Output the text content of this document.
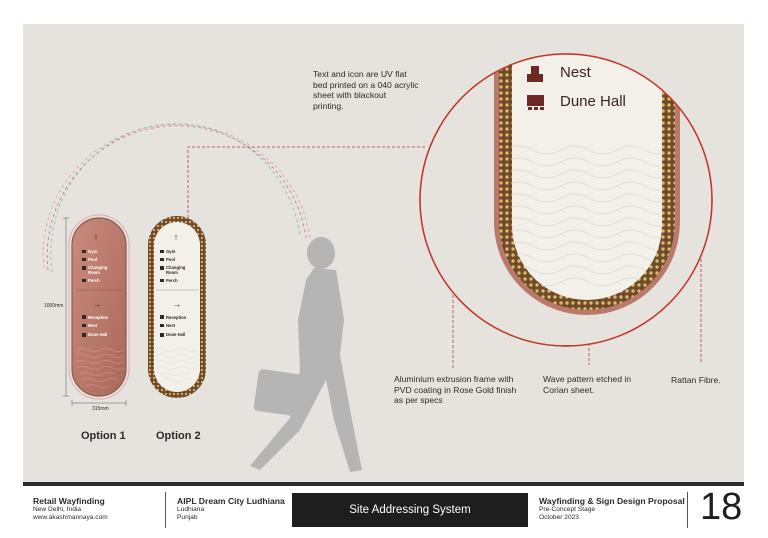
↑
→
↑
→
Gym
Pool
Changing
Room
Perch
Reception
Nest
Dune Hall
Gym
Pool
Changing
Room
Perch
Reception
Nest
Dune Hall
Nest
Dune Hall
1000mm
315mm
Option 1	Option 2
Text and icon are UV flat
bed printed on a 040 acrylic
sheet with blackout
printing.
Aluminium extrusion frame with
PVD coating in Rose Gold finish
as per specs
Wave pattern etched in
Corian sheet.
Rattan Fibre.
Retail Wayfinding
New Delhi, India
www.akashmannaya.com
AIPL Dream City Ludhiana
Ludhiana
Punjab
Site Addressing System
Wayfinding & Sign Design Proposal
Pre-Concept Stage
October 2023	18
